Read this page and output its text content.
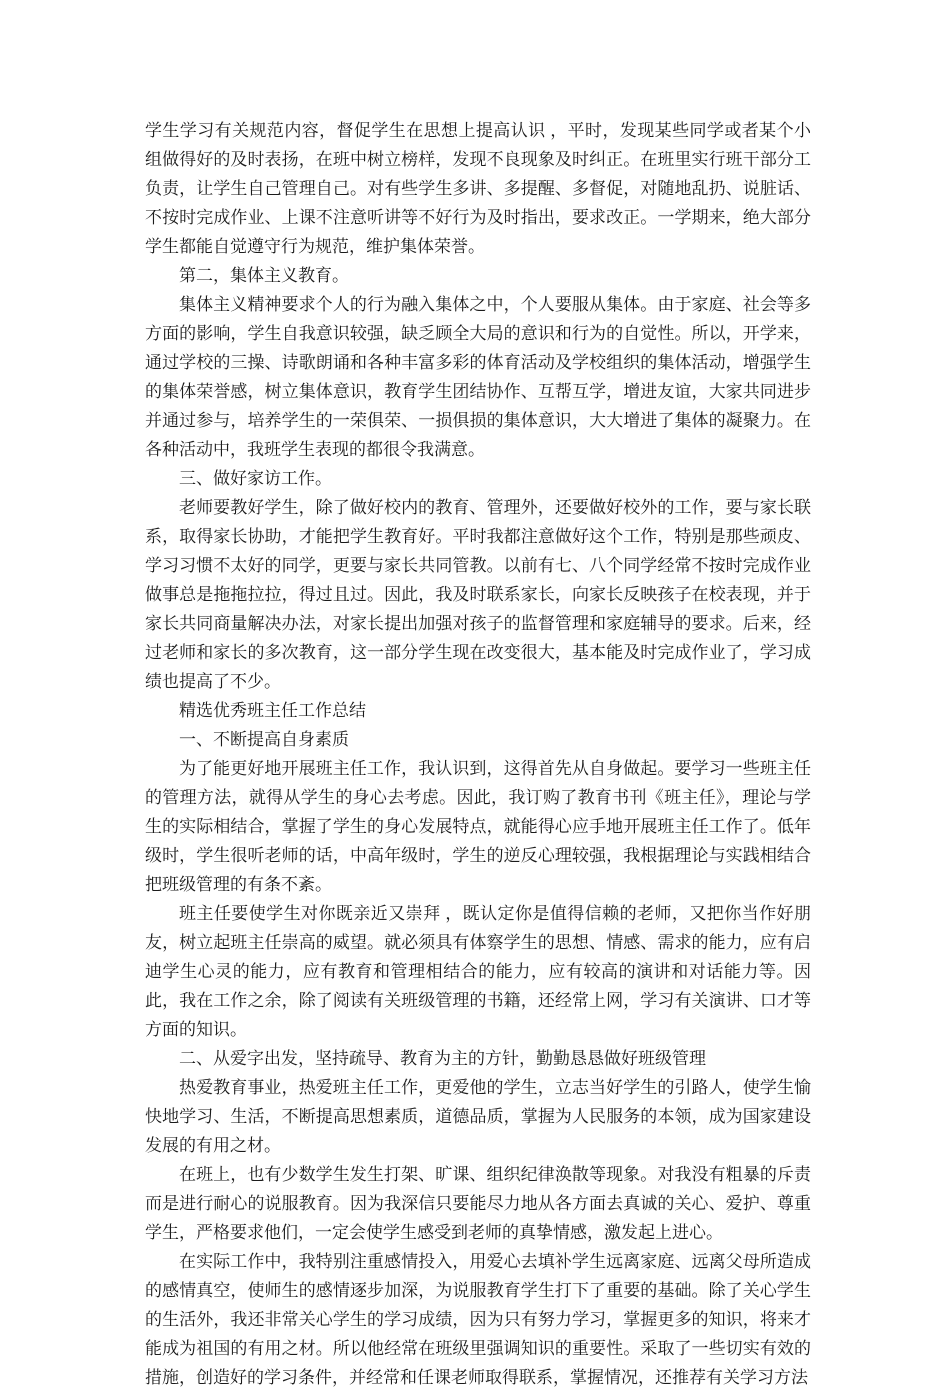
学生学习有关规范内容，督促学生在思想上提高认识 ，平时，发现某些同学或者某个小组做得好的及时表扬，在班中树立榜样，发现不良现象及时纠正。在班里实行班干部分工负责，让学生自己管理自己。对有些学生多讲、多提醒、多督促，对随地乱扔、说脏话、不按时完成作业、上课不注意听讲等不好行为及时指出，要求改正。一学期来，绝大部分学生都能自觉遵守行为规范，维护集体荣誉。

第二，集体主义教育。

集体主义精神要求个人的行为融入集体之中，个人要服从集体。由于家庭、社会等多方面的影响，学生自我意识较强，缺乏顾全大局的意识和行为的自觉性。所以，开学来，通过学校的三操、诗歌朗诵和各种丰富多彩的体育活动及学校组织的集体活动，增强学生的集体荣誉感，树立集体意识，教育学生团结协作、互帮互学，增进友谊，大家共同进步并通过参与，培养学生的一荣俱荣、一损俱损的集体意识，大大增进了集体的凝聚力。在各种活动中，我班学生表现的都很令我满意。

三、做好家访工作。

老师要教好学生，除了做好校内的教育、管理外，还要做好校外的工作，要与家长联系，取得家长协助，才能把学生教育好。平时我都注意做好这个工作，特别是那些顽皮、学习习惯不太好的同学，更要与家长共同管教。以前有七、八个同学经常不按时完成作业做事总是拖拖拉拉，得过且过。因此，我及时联系家长，向家长反映孩子在校表现，并于家长共同商量解决办法，对家长提出加强对孩子的监督管理和家庭辅导的要求。后来，经过老师和家长的多次教育，这一部分学生现在改变很大，基本能及时完成作业了，学习成绩也提高了不少。

精选优秀班主任工作总结

一、不断提高自身素质

为了能更好地开展班主任工作，我认识到，这得首先从自身做起。要学习一些班主任的管理方法，就得从学生的身心去考虑。因此，我订购了教育书刊《班主任》，理论与学生的实际相结合，掌握了学生的身心发展特点，就能得心应手地开展班主任工作了。低年级时，学生很听老师的话，中高年级时，学生的逆反心理较强，我根据理论与实践相结合把班级管理的有条不紊。

班主任要使学生对你既亲近又崇拜 ，既认定你是值得信赖的老师，又把你当作好朋友，树立起班主任崇高的威望。就必须具有体察学生的思想、情感、需求的能力，应有启迪学生心灵的能力，应有教育和管理相结合的能力，应有较高的演讲和对话能力等。因此，我在工作之余，除了阅读有关班级管理的书籍，还经常上网，学习有关演讲、口才等方面的知识。

二、从爱字出发，坚持疏导、教育为主的方针，勤勤恳恳做好班级管理

热爱教育事业，热爱班主任工作，更爱他的学生，立志当好学生的引路人，使学生愉快地学习、生活，不断提高思想素质，道德品质，掌握为人民服务的本领，成为国家建设发展的有用之材。

在班上，也有少数学生发生打架、旷课、组织纪律涣散等现象。对我没有粗暴的斥责而是进行耐心的说服教育。因为我深信只要能尽力地从各方面去真诚的关心、爱护、尊重学生，严格要求他们，一定会使学生感受到老师的真挚情感，激发起上进心。

在实际工作中，我特别注重感情投入，用爱心去填补学生远离家庭、远离父母所造成的感情真空，使师生的感情逐步加深，为说服教育学生打下了重要的基础。除了关心学生的生活外，我还非常关心学生的学习成绩，因为只有努力学习，掌握更多的知识，将来才能成为祖国的有用之材。所以他经常在班级里强调知识的重要性。采取了一些切实有效的措施，创造好的学习条件，并经常和任课老师取得联系，掌握情况，还推荐有关学习方法
